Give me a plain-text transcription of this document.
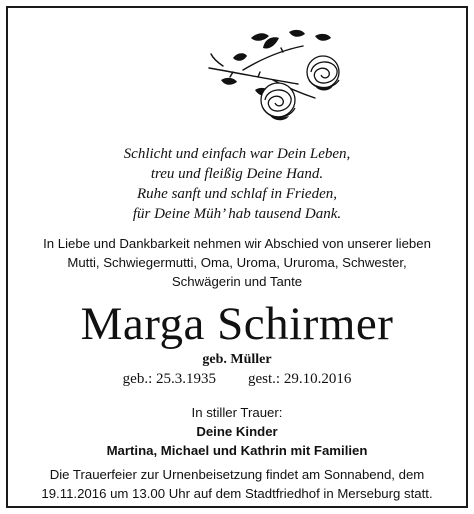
Schlicht und einfach war Dein Leben,
treu und fleißig Deine Hand.
Ruhe sanft und schlaf in Frieden,
für Deine Müh’ hab tausend Dank.
In Liebe und Dankbarkeit nehmen wir Abschied von unserer lieben
Mutti, Schwiegermutti, Oma, Uroma, Ururoma, Schwester,
Schwägerin und Tante
Marga Schirmer
geb. Müller
geb.: 25.3.1935 gest.: 29.10.2016
In stiller Trauer:
Deine Kinder
Martina, Michael und Kathrin mit Familien
Die Trauerfeier zur Urnenbeisetzung findet am Sonnabend, dem
19.11.2016 um 13.00 Uhr auf dem Stadtfriedhof in Merseburg statt.
